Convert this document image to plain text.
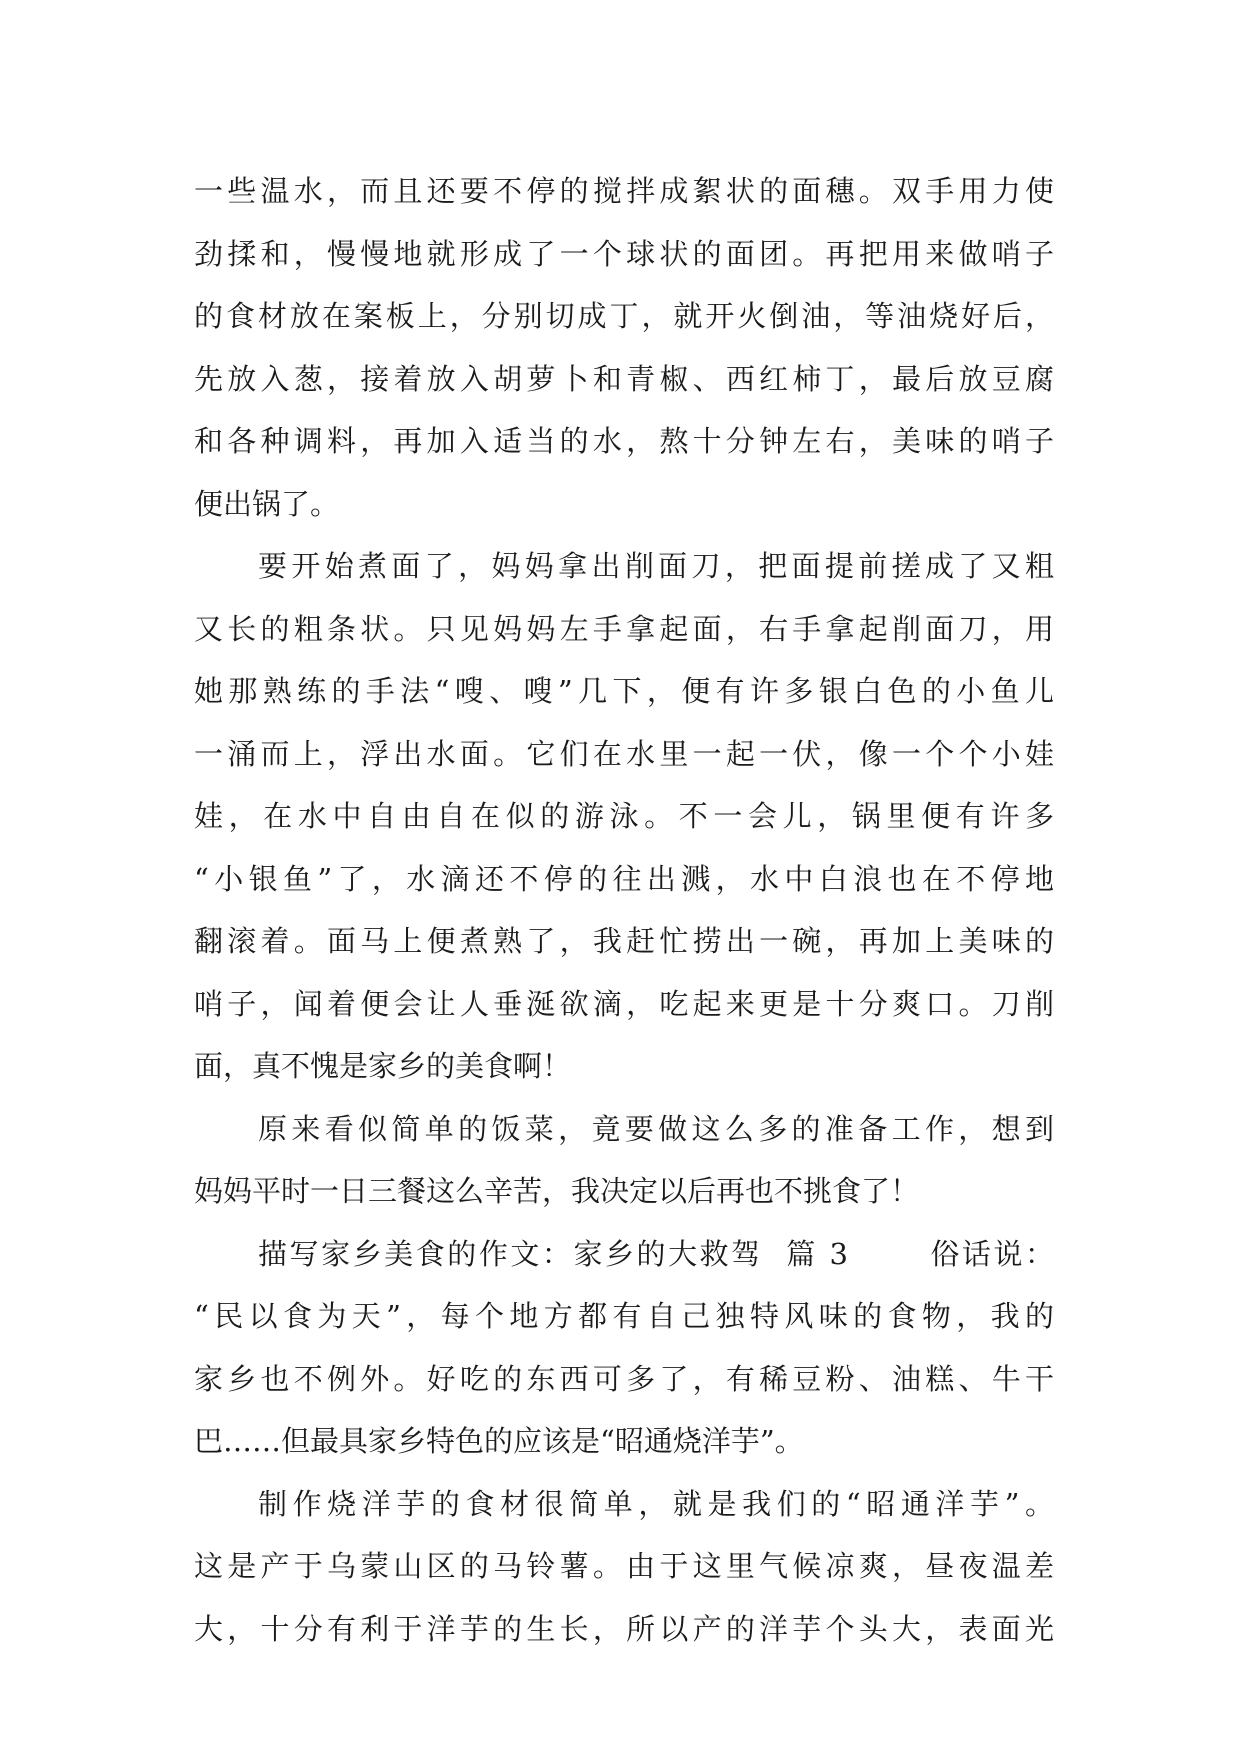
一些温水，而且还要不停的搅拌成絮状的面穗。双手用力使
劲揉和，慢慢地就形成了一个球状的面团。再把用来做哨子
的食材放在案板上，分别切成丁，就开火倒油，等油烧好后，
先放入葱，接着放入胡萝卜和青椒、西红柿丁，最后放豆腐
和各种调料，再加入适当的水，熬十分钟左右，美味的哨子
便出锅了。
要开始煮面了，妈妈拿出削面刀，把面提前搓成了又粗
又长的粗条状。只见妈妈左手拿起面，右手拿起削面刀，用
她那熟练的手法“嗖、嗖”几下，便有许多银白色的小鱼儿
一涌而上，浮出水面。它们在水里一起一伏，像一个个小娃
娃，在水中自由自在似的游泳。不一会儿，锅里便有许多
“小银鱼”了，水滴还不停的往出溅，水中白浪也在不停地
翻滚着。面马上便煮熟了，我赶忙捞出一碗，再加上美味的
哨子，闻着便会让人垂涎欲滴，吃起来更是十分爽口。刀削
面，真不愧是家乡的美食啊！
原来看似简单的饭菜，竟要做这么多的准备工作，想到
妈妈平时一日三餐这么辛苦，我决定以后再也不挑食了！
描写家乡美食的作文：家乡的大救驾  篇 3       俗话说：
“民以食为天”，每个地方都有自己独特风味的食物，我的
家乡也不例外。好吃的东西可多了，有稀豆粉、油糕、牛干
巴……但最具家乡特色的应该是“昭通烧洋芋”。
制作烧洋芋的食材很简单，就是我们的“昭通洋芋”。
这是产于乌蒙山区的马铃薯。由于这里气候凉爽，昼夜温差
大，十分有利于洋芋的生长，所以产的洋芋个头大，表面光
